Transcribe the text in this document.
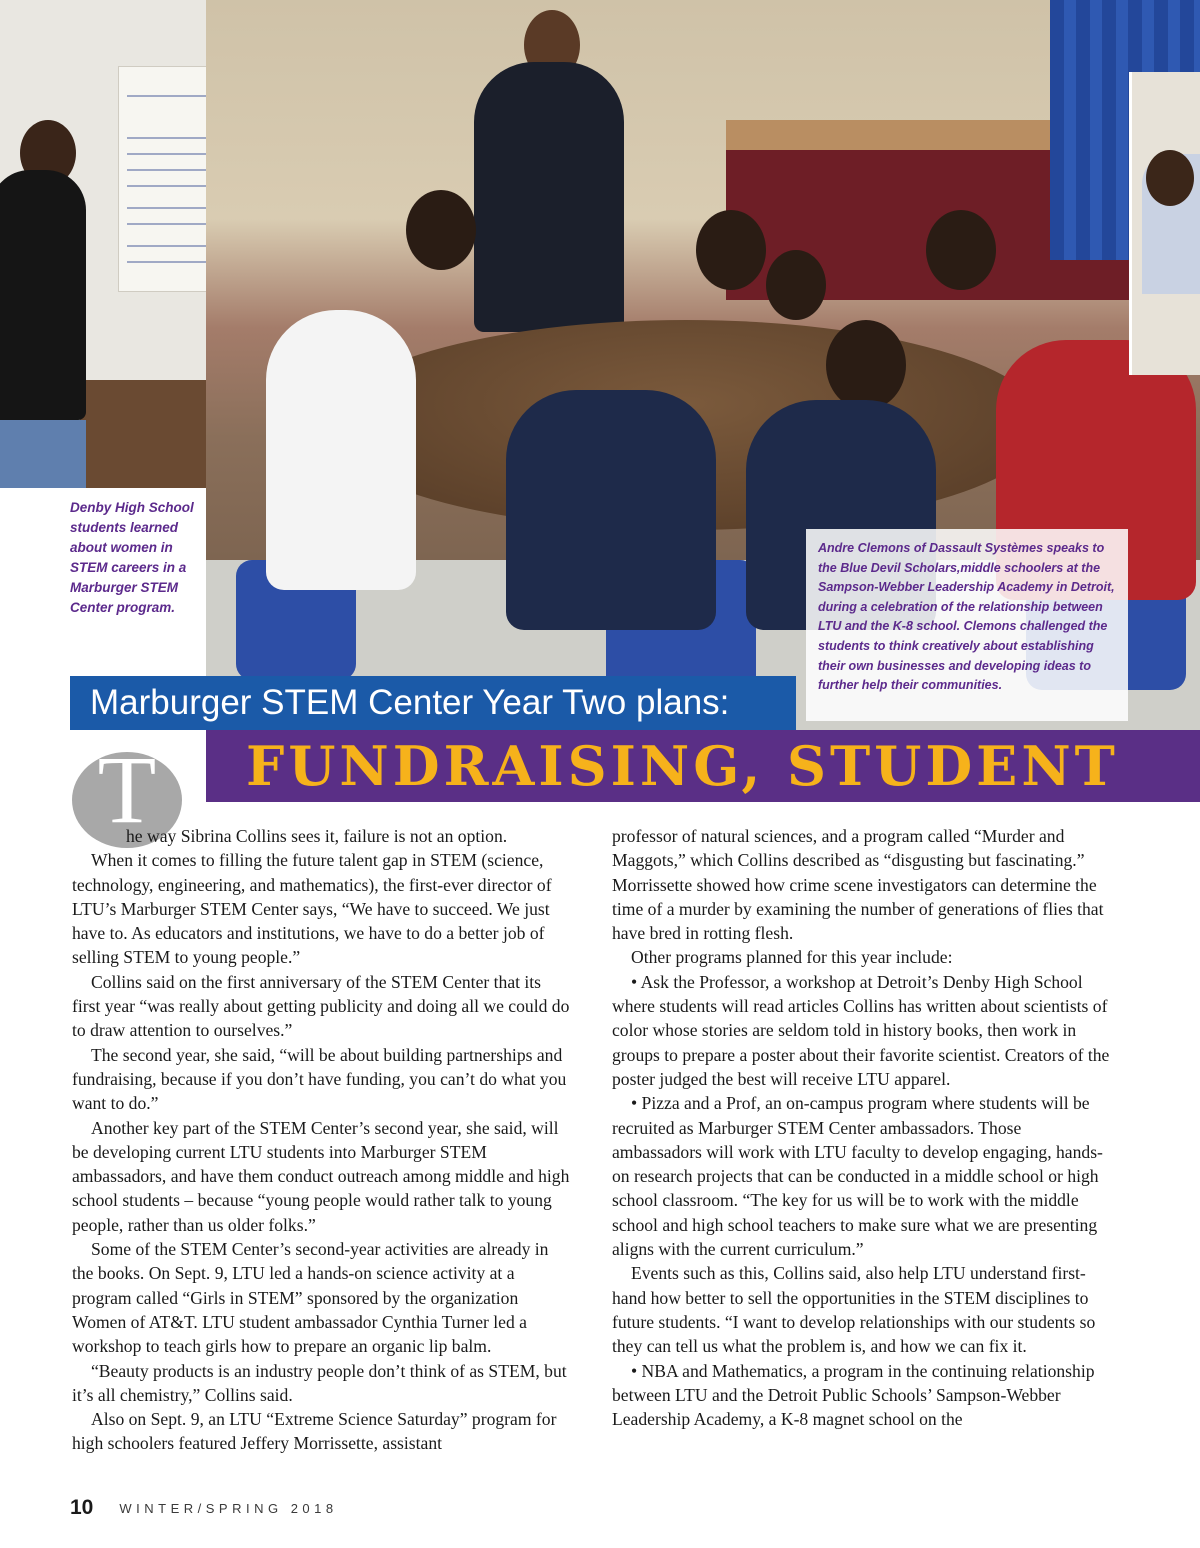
Denby High School students learned about women in STEM careers in a Marburger STEM Center program.
Andre Clemons of Dassault Systèmes speaks to the Blue Devil Scholars,middle schoolers at the Sampson-Webber Leadership Academy in Detroit, during a celebration of the relationship between LTU and the K-8 school. Clemons challenged the students to think creatively about establishing their own businesses and developing ideas to further help their communities.
Marburger STEM Center Year Two plans:
FUNDRAISING, STUDENT
T

he way Sibrina Collins sees it, failure is not an option.

When it comes to filling the future talent gap in STEM (science, technology, engineering, and mathematics), the first-ever director of LTU’s Marburger STEM Center says, “We have to succeed. We just have to. As educators and institutions, we have to do a better job of selling STEM to young people.”

Collins said on the first anniversary of the STEM Center that its first year “was really about getting publicity and doing all we could do to draw attention to ourselves.”

The second year, she said, “will be about building partnerships and fundraising, because if you don’t have funding, you can’t do what you want to do.”

Another key part of the STEM Center’s second year, she said, will be developing current LTU students into Marburger STEM ambassadors, and have them conduct outreach among middle and high school students – because “young people would rather talk to young people, rather than us older folks.”

Some of the STEM Center’s second-year activities are already in the books. On Sept. 9, LTU led a hands-on science activity at a program called “Girls in STEM” sponsored by the organization Women of AT&T. LTU student ambassador Cynthia Turner led a workshop to teach girls how to prepare an organic lip balm.

“Beauty products is an industry people don’t think of as STEM, but it’s all chemistry,” Collins said.

Also on Sept. 9, an LTU “Extreme Science Saturday” program for high schoolers featured Jeffery Morrissette, assistant

professor of natural sciences, and a program called “Murder and Maggots,” which Collins described as “disgusting but fascinating.” Morrissette showed how crime scene investigators can determine the time of a murder by examining the number of generations of flies that have bred in rotting flesh.

Other programs planned for this year include:

• Ask the Professor, a workshop at Detroit’s Denby High School where students will read articles Collins has written about scientists of color whose stories are seldom told in history books, then work in groups to prepare a poster about their favorite scientist. Creators of the poster judged the best will receive LTU apparel.

• Pizza and a Prof, an on-campus program where students will be recruited as Marburger STEM Center ambassadors. Those ambassadors will work with LTU faculty to develop engaging, hands-on research projects that can be conducted in a middle school or high school classroom. “The key for us will be to work with the middle school and high school teachers to make sure what we are presenting aligns with the current curriculum.”

Events such as this, Collins said, also help LTU understand first-hand how better to sell the opportunities in the STEM disciplines to future students. “I want to develop relationships with our students so they can tell us what the problem is, and how we can fix it.

• NBA and Mathematics, a program in the continuing relationship between LTU and the Detroit Public Schools’ Sampson-Webber Leadership Academy, a K-8 magnet school on the

10 WINTER/SPRING 2018
